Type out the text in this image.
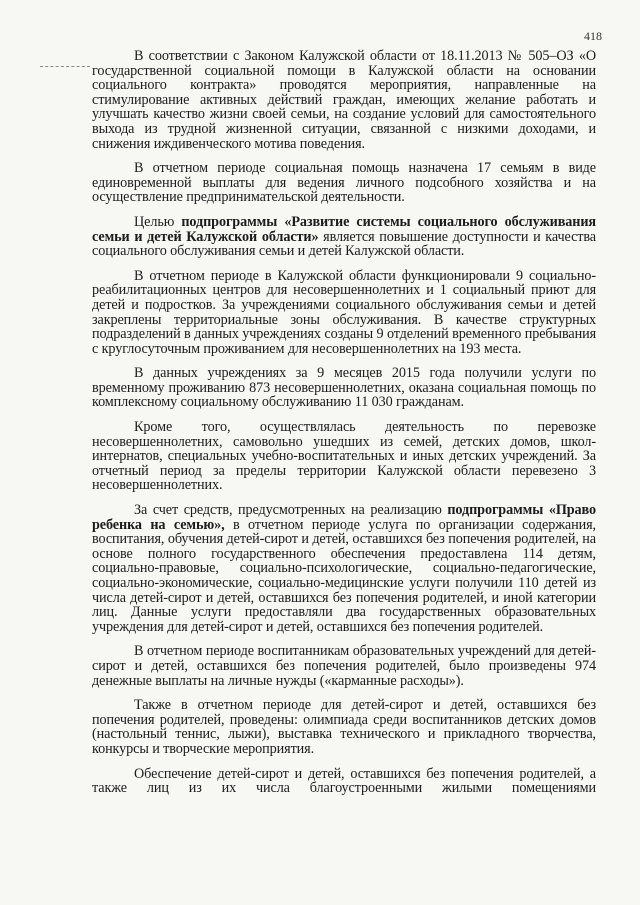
418

В соответствии с Законом Калужской области от 18.11.2013 № 505–ОЗ «О государственной социальной помощи в Калужской области на основании социального контракта» проводятся мероприятия, направленные на стимулирование активных действий граждан, имеющих желание работать и улучшать качество жизни своей семьи, на создание условий для самостоятельного выхода из трудной жизненной ситуации, связанной с низкими доходами, и снижения иждивенческого мотива поведения.

В отчетном периоде социальная помощь назначена 17 семьям в виде единовременной выплаты для ведения личного подсобного хозяйства и на осуществление предпринимательской деятельности.

Целью подпрограммы «Развитие системы социального обслуживания семьи и детей Калужской области» является повышение доступности и качества социального обслуживания семьи и детей Калужской области.

В отчетном периоде в Калужской области функционировали 9 социально-реабилитационных центров для несовершеннолетних и 1 социальный приют для детей и подростков. За учреждениями социального обслуживания семьи и детей закреплены территориальные зоны обслуживания. В качестве структурных подразделений в данных учреждениях созданы 9 отделений временного пребывания с круглосуточным проживанием для несовершеннолетних на 193 места.

В данных учреждениях за 9 месяцев 2015 года получили услуги по временному проживанию 873 несовершеннолетних, оказана социальная помощь по комплексному социальному обслуживанию 11 030 гражданам.

Кроме того, осуществлялась деятельность по перевозке несовершеннолетних, самовольно ушедших из семей, детских домов, школ-интернатов, специальных учебно-воспитательных и иных детских учреждений. За отчетный период за пределы территории Калужской области перевезено 3 несовершеннолетних.

За счет средств, предусмотренных на реализацию подпрограммы «Право ребенка на семью», в отчетном периоде услуга по организации содержания, воспитания, обучения детей-сирот и детей, оставшихся без попечения родителей, на основе полного государственного обеспечения предоставлена 114 детям, социально-правовые, социально-психологические, социально-педагогические, социально-экономические, социально-медицинские услуги получили 110 детей из числа детей-сирот и детей, оставшихся без попечения родителей, и иной категории лиц. Данные услуги предоставляли два государственных образовательных учреждения для детей-сирот и детей, оставшихся без попечения родителей.

В отчетном периоде воспитанникам образовательных учреждений для детей-сирот и детей, оставшихся без попечения родителей, было произведены 974 денежные выплаты на личные нужды («карманные расходы»).

Также в отчетном периоде для детей-сирот и детей, оставшихся без попечения родителей, проведены: олимпиада среди воспитанников детских домов (настольный теннис, лыжи), выставка технического и прикладного творчества, конкурсы и творческие мероприятия.

Обеспечение детей-сирот и детей, оставшихся без попечения родителей, а также лиц из их числа благоустроенными жилыми помещениями
